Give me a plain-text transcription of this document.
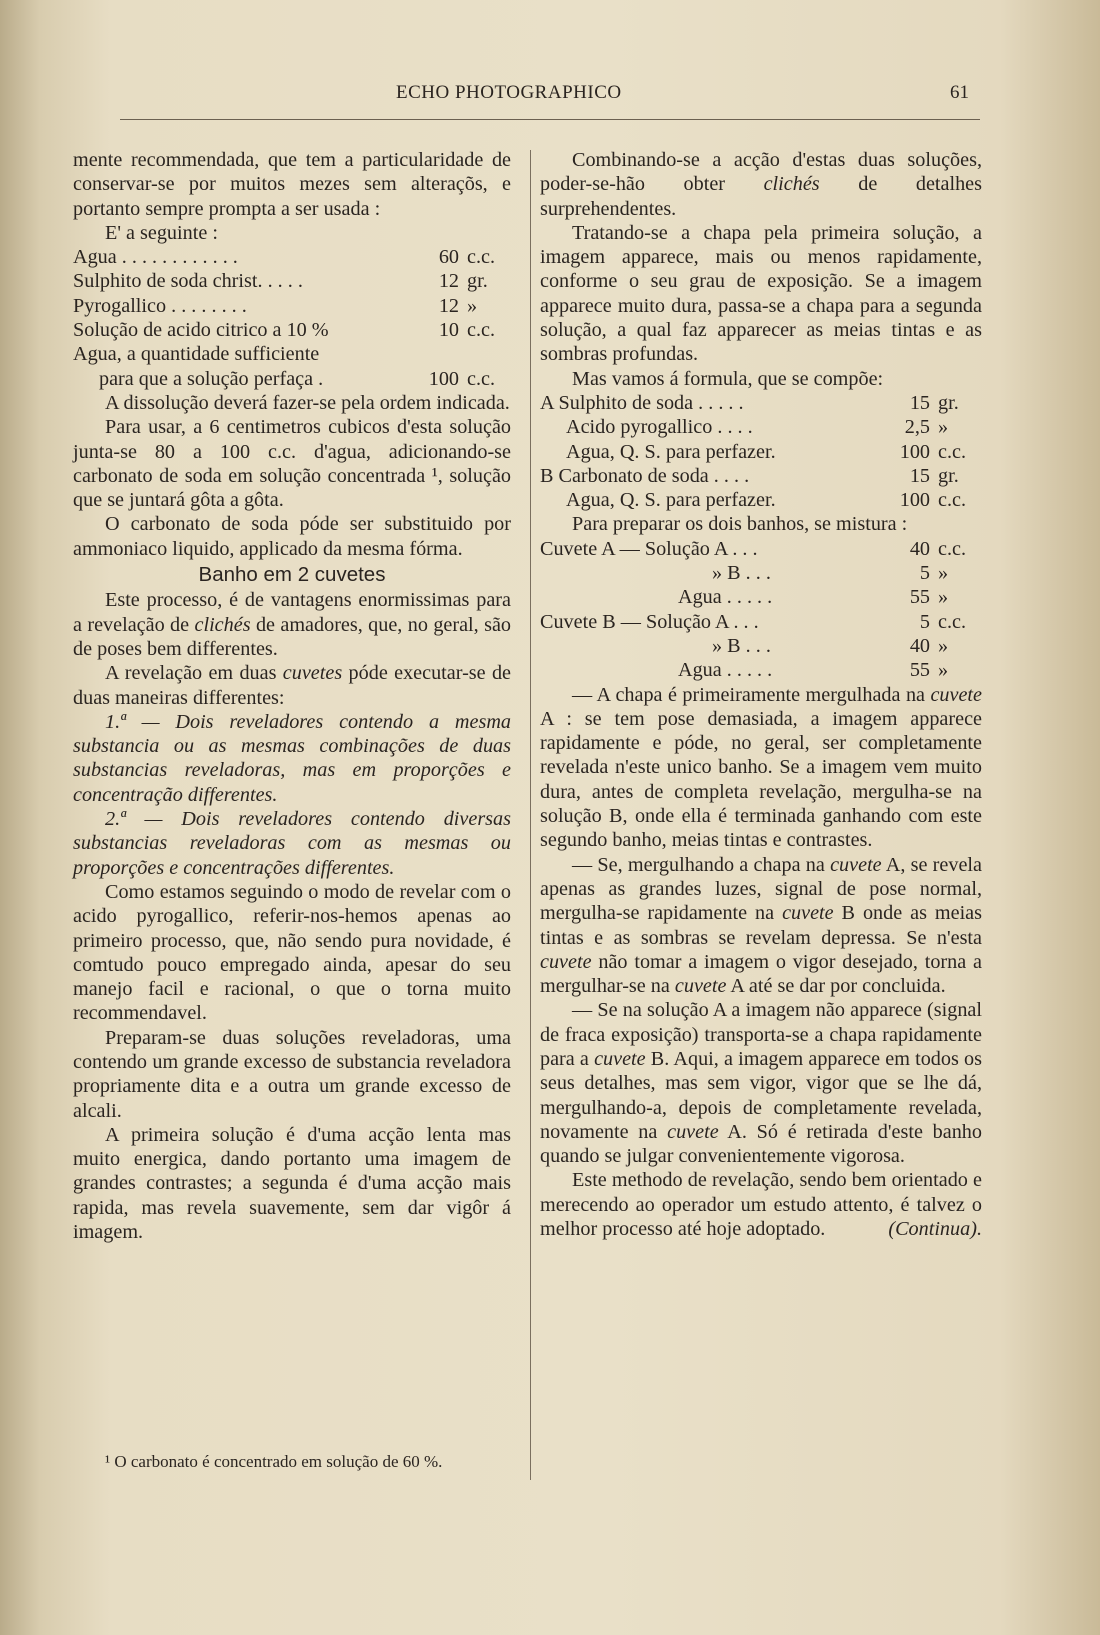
ECHO PHOTOGRAPHICO	61

mente recommendada, que tem a particularidade de conservar-se por muitos mezes sem alteraçõs, e portanto sempre prompta a ser usada :

E' a seguinte :

Agua . . . . . . . . . . . .	60	c.c.
Sulphito de soda christ. . . . .	12	gr.
Pyrogallico . . . . . . . .	12	»
Solução de acido citrico a 10 %	10	c.c.
Agua, a quantidade sufficiente		
para que a solução perfaça .	100	c.c.

A dissolução deverá fazer-se pela ordem indicada.

Para usar, a 6 centimetros cubicos d'esta solução junta-se 80 a 100 c.c. d'agua, adicionando-se carbonato de soda em solução concentrada ¹, solução que se juntará gôta a gôta.

O carbonato de soda póde ser substituido por ammoniaco liquido, applicado da mesma fórma.

Banho em 2 cuvetes

Este processo, é de vantagens enormissimas para a revelação de clichés de amadores, que, no geral, são de poses bem differentes.

A revelação em duas cuvetes póde executar-se de duas maneiras differentes:

1.ª — Dois reveladores contendo a mesma substancia ou as mesmas combinações de duas substancias reveladoras, mas em proporções e concentração differentes.

2.ª — Dois reveladores contendo diversas substancias reveladoras com as mesmas ou proporções e concentrações differentes.

Como estamos seguindo o modo de revelar com o acido pyrogallico, referir-nos-hemos apenas ao primeiro processo, que, não sendo pura novidade, é comtudo pouco empregado ainda, apesar do seu manejo facil e racional, o que o torna muito recommendavel.

Preparam-se duas soluções reveladoras, uma contendo um grande excesso de substancia reveladora propriamente dita e a outra um grande excesso de alcali.

A primeira solução é d'uma acção lenta mas muito energica, dando portanto uma imagem de grandes contrastes; a segunda é d'uma acção mais rapida, mas revela suavemente, sem dar vigôr á imagem.

¹ O carbonato é concentrado em solução de 60 %.

Combinando-se a acção d'estas duas soluções, poder-se-hão obter clichés de detalhes surprehendentes.

Tratando-se a chapa pela primeira solução, a imagem apparece, mais ou menos rapidamente, conforme o seu grau de exposição. Se a imagem apparece muito dura, passa-se a chapa para a segunda solução, a qual faz apparecer as meias tintas e as sombras profundas.

Mas vamos á formula, que se compõe:

A Sulphito de soda . . . . .	15	gr.
Acido pyrogallico . . . .	2,5	»
Agua, Q. S. para perfazer.	100	c.c.
B Carbonato de soda . . . .	15	gr.
Agua, Q. S. para perfazer.	100	c.c.

Para preparar os dois banhos, se mistura :

Cuvete A — Solução A . . .	40	c.c.
» B . . .	5	»
Agua . . . . .	55	»
Cuvete B — Solução A . . .	5	c.c.
» B . . .	40	»
Agua . . . . .	55	»

— A chapa é primeiramente mergulhada na cuvete A : se tem pose demasiada, a imagem apparece rapidamente e póde, no geral, ser completamente revelada n'este unico banho. Se a imagem vem muito dura, antes de completa revelação, mergulha-se na solução B, onde ella é terminada ganhando com este segundo banho, meias tintas e contrastes.

— Se, mergulhando a chapa na cuvete A, se revela apenas as grandes luzes, signal de pose normal, mergulha-se rapidamente na cuvete B onde as meias tintas e as sombras se revelam depressa. Se n'esta cuvete não tomar a imagem o vigor desejado, torna a mergulhar-se na cuvete A até se dar por concluida.

— Se na solução A a imagem não apparece (signal de fraca exposição) transporta-se a chapa rapidamente para a cuvete B. Aqui, a imagem apparece em todos os seus detalhes, mas sem vigor, vigor que se lhe dá, mergulhando-a, depois de completamente revelada, novamente na cuvete A. Só é retirada d'este banho quando se julgar convenientemente vigorosa.

Este methodo de revelação, sendo bem orientado e merecendo ao operador um estudo attento, é talvez o melhor processo até hoje adoptado.	(Continua).
